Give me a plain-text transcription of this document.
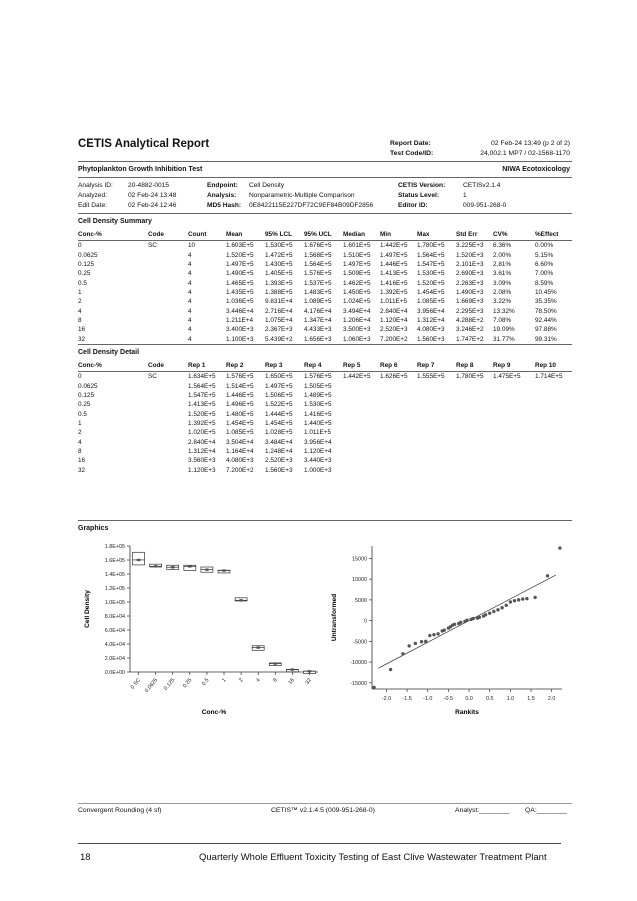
CETIS Analytical Report	Report Date:	02 Feb-24 13:49 (p 2 of 2)
Test Code/ID:	24,002.1 MP7 / 02-1568-1170
Phytoplankton Growth Inhibition Test	NIWA Ecotoxicology
Analysis ID: 20-4882-0015
Analyzed:	02 Feb-24 13:48
Edit Date:	02 Feb-24 12:46
Endpoint: Cell Density
Analysis: Nonparametric-Multiple Comparison
MD5 Hash: 0E8422115E227DF72C9EF84B09DF2856
CETIS Version:	CETISv2.1.4
Status Level:	1
Editor ID:	009-951-268-0
Cell Density Summary
Conc-%	Code	Count	Mean	95% LCL	95% UCL	Median	Min	Max	Std Err	CV%	%Effect
0	SC	10	1.603E+5	1.530E+5	1.676E+5	1.601E+5	1.442E+5	1.780E+5	3.225E+3	6.36%	0.00%
0.0625		4	1.520E+5	1.472E+5	1.568E+5	1.510E+5	1.497E+5	1.564E+5	1.520E+3	2.00%	5.15%
0.125		4	1.497E+5	1.430E+5	1.564E+5	1.497E+5	1.446E+5	1.547E+5	2.101E+3	2.81%	6.60%
0.25		4	1.490E+5	1.405E+5	1.576E+5	1.509E+5	1.413E+5	1.530E+5	2.690E+3	3.61%	7.00%
0.5		4	1.465E+5	1.393E+5	1.537E+5	1.462E+5	1.416E+5	1.520E+5	2.263E+3	3.09%	8.59%
1		4	1.435E+5	1.388E+5	1.483E+5	1.450E+5	1.392E+5	1.454E+5	1.490E+3	2.08%	10.45%
2		4	1.036E+5	9.831E+4	1.089E+5	1.024E+5	1.011E+5	1.085E+5	1.669E+3	3.22%	35.35%
4		4	3.446E+4	2.716E+4	4.176E+4	3.494E+4	2.840E+4	3.956E+4	2.295E+3	13.32%	78.50%
8		4	1.211E+4	1.075E+4	1.347E+4	1.206E+4	1.120E+4	1.312E+4	4.288E+2	7.08%	92.44%
16		4	3.400E+3	2.367E+3	4.433E+3	3.500E+3	2.520E+3	4.080E+3	3.246E+2	19.09%	97.88%
32		4	1.100E+3	5.439E+2	1.656E+3	1.060E+3	7.200E+2	1.560E+3	1.747E+2	31.77%	99.31%
Cell Density Detail
Conc-%	Code	Rep 1	Rep 2	Rep 3	Rep 4	Rep 5	Rep 6	Rep 7	Rep 8	Rep 9	Rep 10
0	SC	1.634E+5	1.576E+5	1.650E+5	1.576E+5	1.442E+5	1.626E+5	1.555E+5	1.780E+5	1.475E+5	1.714E+5
0.0625		1.564E+5	1.514E+5	1.497E+5	1.505E+5						
0.125		1.547E+5	1.446E+5	1.506E+5	1.489E+5						
0.25		1.413E+5	1.496E+5	1.522E+5	1.530E+5						
0.5		1.520E+5	1.480E+5	1.444E+5	1.416E+5						
1		1.392E+5	1.454E+5	1.454E+5	1.440E+5						
2		1.020E+5	1.085E+5	1.028E+5	1.011E+5						
4		2.840E+4	3.504E+4	3.484E+4	3.956E+4						
8		1.312E+4	1.164E+4	1.248E+4	1.120E+4						
16		3.560E+3	4.080E+3	2.520E+3	3.440E+3						
32		1.120E+3	7.200E+2	1.560E+3	1.000E+3						
Graphics
0.0E+00
2.0E+04
4.0E+04
6.0E+04
8.0E+04
1.0E+05
1.2E+05
1.4E+05
1.6E+05
1.8E+05
Cell Density
0 SC 0.0625 0.125 0.25 0.5 1 2 4 8 16 32
Conc-%
-15000
-10000
-5000
0
5000
10000
15000
-2.0 -1.5 -1.0 -0.5 0.0 0.5 1.0 1.5 2.0
Untransformed
Rankits
Convergent Rounding (4 sf)	CETIS™ v2.1.4.5 (009-951-268-0)	Analyst:________ QA:________
18	Quarterly Whole Effluent Toxicity Testing of East Clive Wastewater Treatment Plant
